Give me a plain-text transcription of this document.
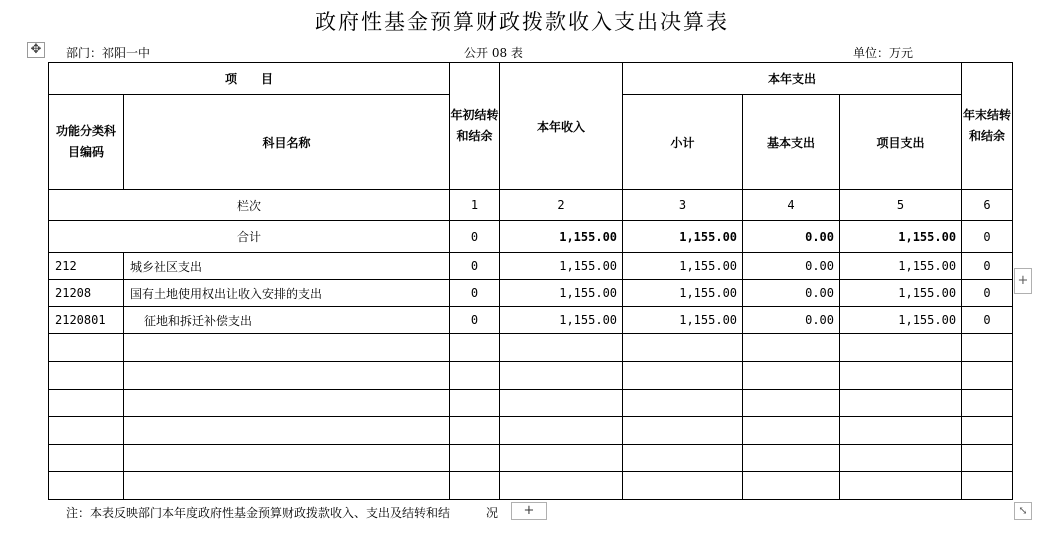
政府性基金预算财政拨款收入支出决算表
✥ 部门：祁阳一中	公开 08 表	单位：万元
项　　目		年初结转和结余	本年收入	本年支出			年末结转和结余
功能分类科目编码	科目名称			小计	基本支出	项目支出	
栏次		1	2	3	4	5	6
合计		0	1,155.00	1,155.00	0.00	1,155.00	0
212	城乡社区支出	0	1,155.00	1,155.00	0.00	1,155.00	0
21208	国有土地使用权出让收入安排的支出	0	1,155.00	1,155.00	0.00	1,155.00	0
2120801	征地和拆迁补偿支出	0	1,155.00	1,155.00	0.00	1,155.00	0

+
⤡
注：本表反映部门本年度政府性基金预算财政拨款收入、支出及结转和结	况	+
